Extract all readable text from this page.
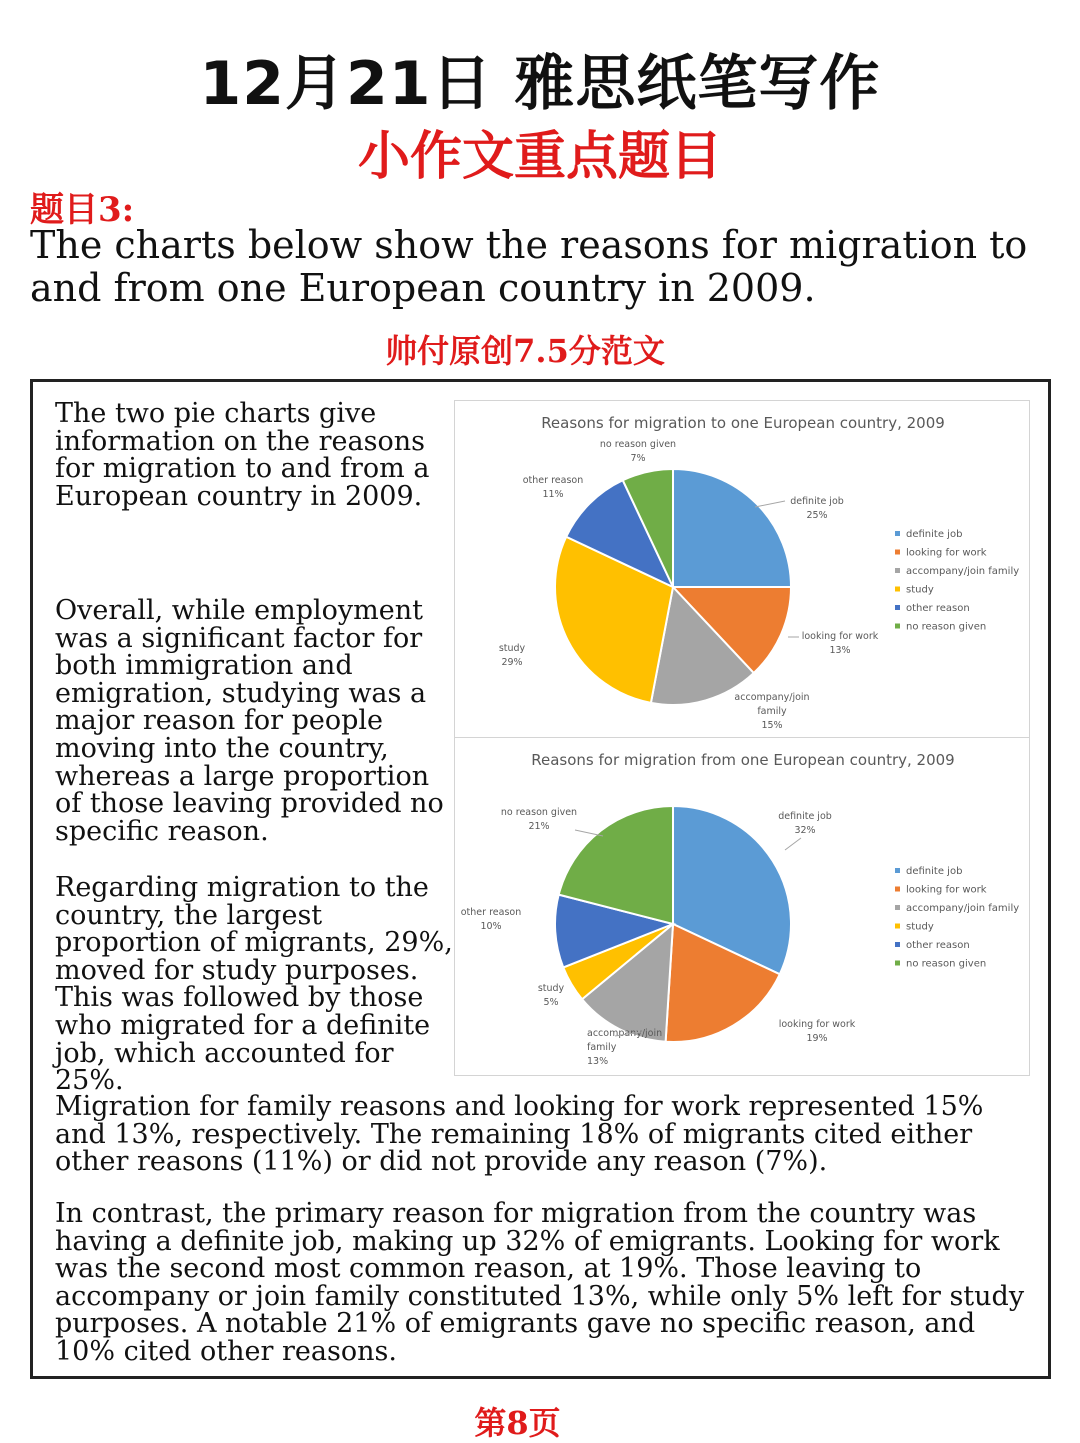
12月21日 雅思纸笔写作
小作文重点题目
题目3:
The charts below show the reasons for migration to and from one European country in 2009.
帅付原创7.5分范文

The two pie charts give information on the reasons for migration to and from a European country in 2009.

Overall, while employment was a significant factor for both immigration and emigration, studying was a major reason for people moving into the country, whereas a large proportion of those leaving provided no specific reason.

Regarding migration to the country, the largest proportion of migrants, 29%, moved for study purposes. This was followed by those who migrated for a definite job, which accounted for 25%.

Migration for family reasons and looking for work represented 15% and 13%, respectively. The remaining 18% of migrants cited either other reasons (11%) or did not provide any reason (7%).

In contrast, the primary reason for migration from the country was having a definite job, making up 32% of emigrants. Looking for work was the second most common reason, at 19%. Those leaving to accompany or join family constituted 13%, while only 5% left for study purposes. A notable 21% of emigrants gave no specific reason, and 10% cited other reasons.

Reasons for migration to one European country, 2009
definite job 25%
looking for work 13%
accompany/join family 15%
study 29%
other reason 11%
no reason given 7%
definite job
looking for work
accompany/join family
study
other reason
no reason given
Reasons for migration from one European country, 2009
definite job 32%
looking for work 19%
accompany/join family 13%
study 5%
other reason 10%
no reason given 21%
definite job
looking for work
accompany/join family
study
other reason
no reason given
第8页
